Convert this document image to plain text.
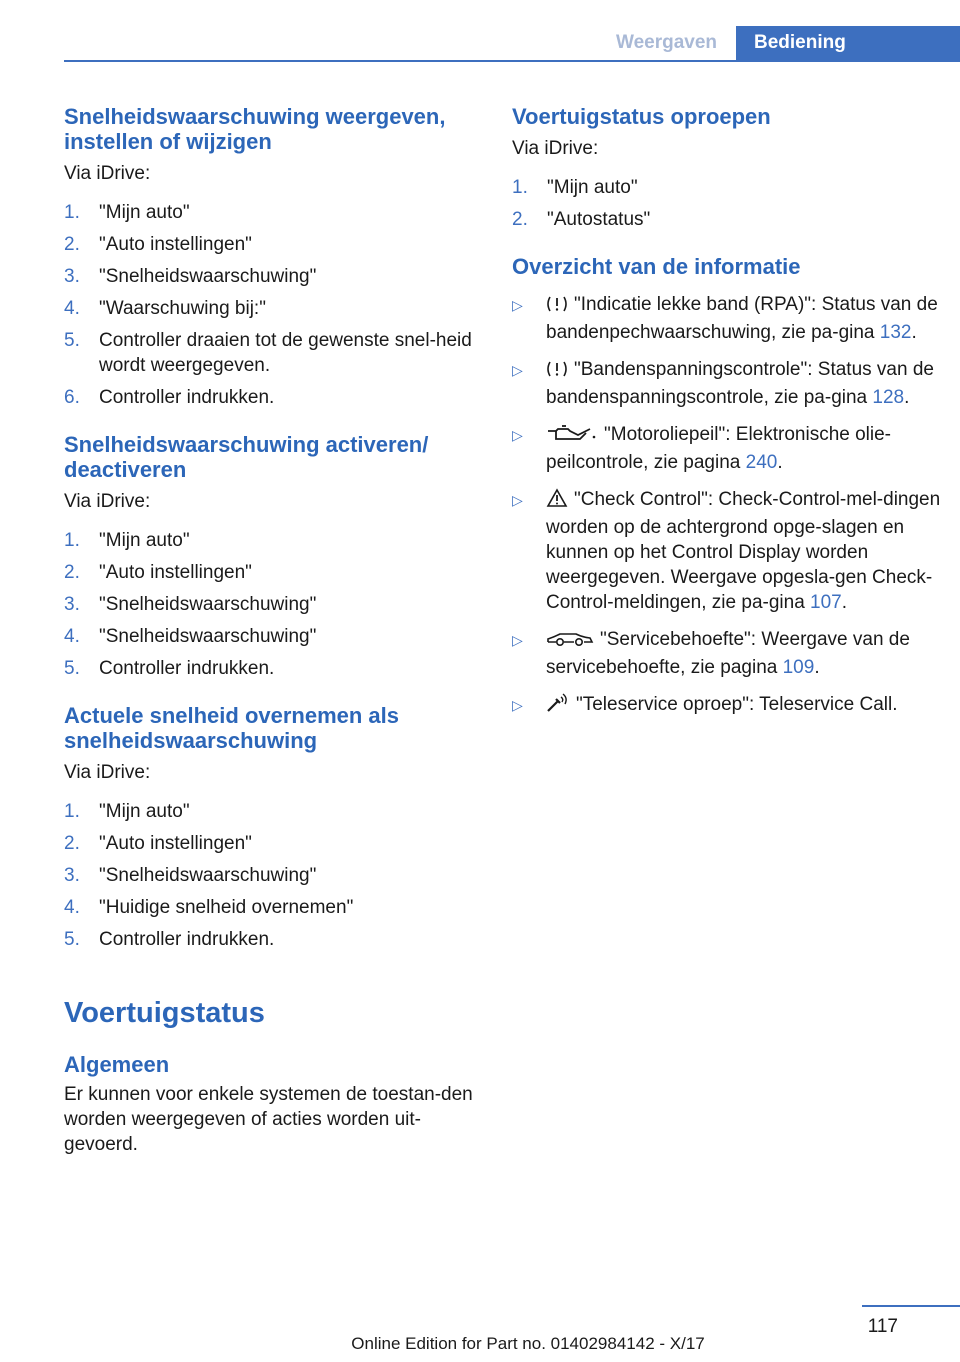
Weergaven	Bediening
Snelheidswaarschuwing weergeven, instellen of wijzigen

Via iDrive:

1. "Mijn auto"
2. "Auto instellingen"
3. "Snelheidswaarschuwing"
4. "Waarschuwing bij:"
5. Controller draaien tot de gewenste snel-heid wordt weergegeven.
6. Controller indrukken.
Snelheidswaarschuwing activeren/ deactiveren

Via iDrive:

1. "Mijn auto"
2. "Auto instellingen"
3. "Snelheidswaarschuwing"
4. "Snelheidswaarschuwing"
5. Controller indrukken.
Actuele snelheid overnemen als snelheidswaarschuwing

Via iDrive:

1. "Mijn auto"
2. "Auto instellingen"
3. "Snelheidswaarschuwing"
4. "Huidige snelheid overnemen"
5. Controller indrukken.
Voertuigstatus
Algemeen

Er kunnen voor enkele systemen de toestan-den worden weergegeven of acties worden uit-gevoerd.

Voertuigstatus oproepen

Via iDrive:

1. "Mijn auto"
2. "Autostatus"
Overzicht van de informatie
▷	"Indicatie lekke band (RPA)": Status van de bandenpechwaarschuwing, zie pa-gina 132.
▷	"Bandenspanningscontrole": Status van de bandenspanningscontrole, zie pa-gina 128.
▷	"Motoroliepeil": Elektronische olie-peilcontrole, zie pagina 240.
▷	"Check Control": Check-Control-mel-dingen worden op de achtergrond opge-slagen en kunnen op het Control Display worden weergegeven. Weergave opgesla-gen Check-Control-meldingen, zie pa-gina 107.
▷	"Servicebehoefte": Weergave van de servicebehoefte, zie pagina 109.
▷	"Teleservice oproep": Teleservice Call.
117
Online Edition for Part no. 01402984142 - X/17
